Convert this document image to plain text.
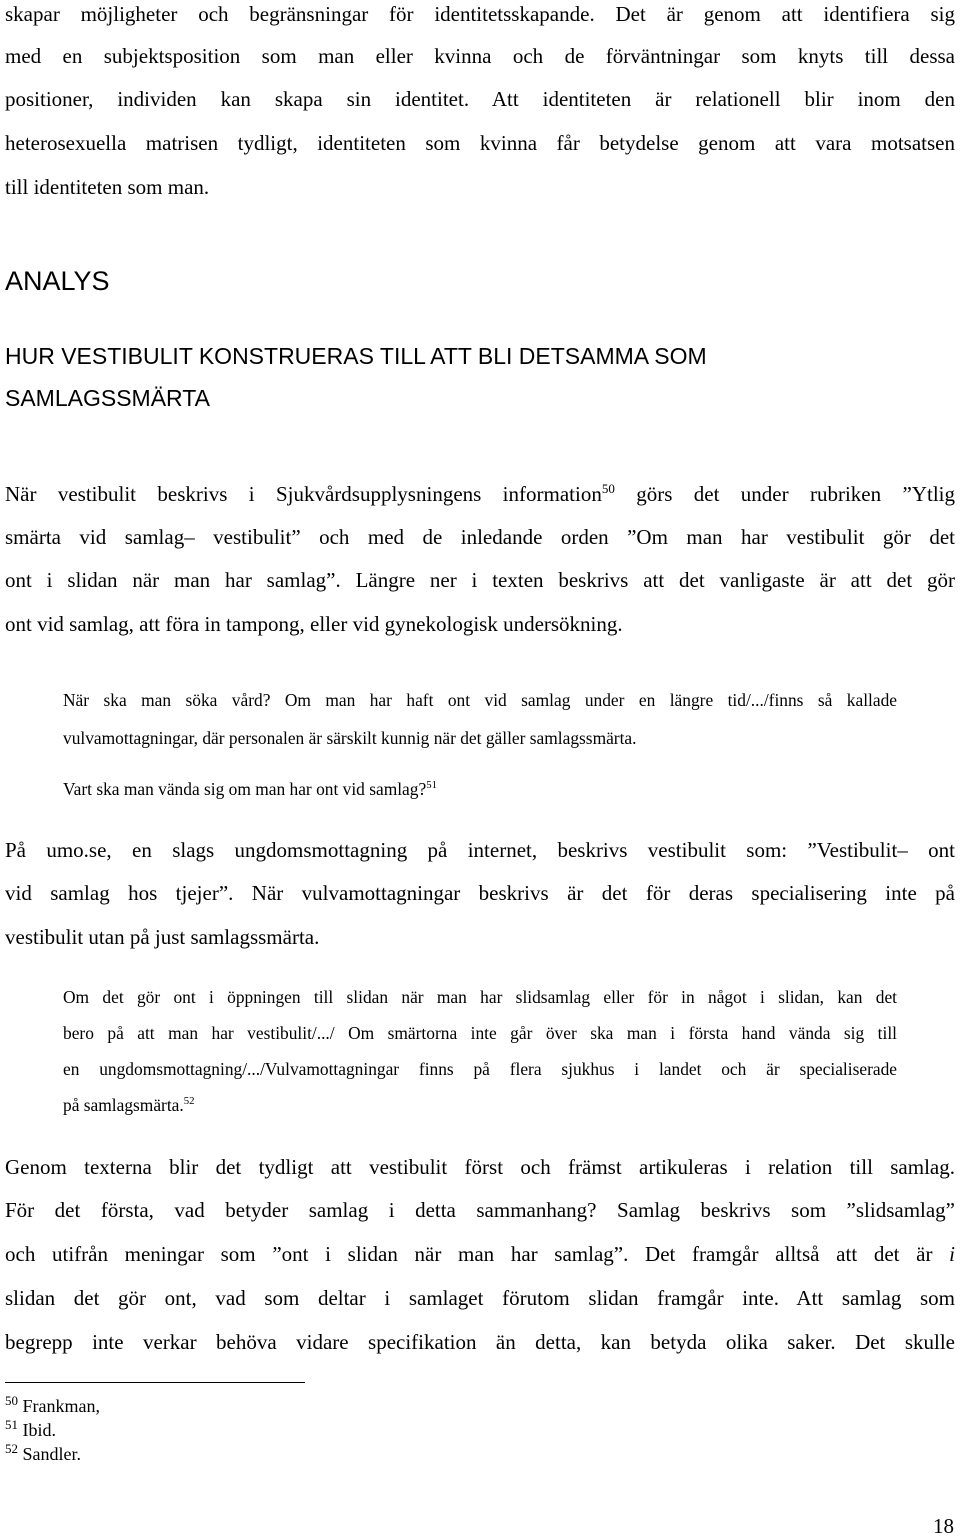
skapar möjligheter och begränsningar för identitetsskapande. Det är genom att identifiera sig
med en subjektsposition som man eller kvinna och de förväntningar som knyts till dessa
positioner, individen kan skapa sin identitet. Att identiteten är relationell blir inom den
heterosexuella matrisen tydligt, identiteten som kvinna får betydelse genom att vara motsatsen
till identiteten som man.
ANALYS
HUR VESTIBULIT KONSTRUERAS TILL ATT BLI DETSAMMA SOM
SAMLAGSSMÄRTA
När vestibulit beskrivs i Sjukvårdsupplysningens information$^{50}$ görs det under rubriken ”Ytlig
smärta vid samlag– vestibulit” och med de inledande orden ”Om man har vestibulit gör det
ont i slidan när man har samlag”. Längre ner i texten beskrivs att det vanligaste är att det gör
ont vid samlag, att föra in tampong, eller vid gynekologisk undersökning.
När ska man söka vård? Om man har haft ont vid samlag under en längre tid/.../finns så kallade
vulvamottagningar, där personalen är särskilt kunnig när det gäller samlagssmärta.
Vart ska man vända sig om man har ont vid samlag?$^{51}$
På umo.se, en slags ungdomsmottagning på internet, beskrivs vestibulit som: ”Vestibulit– ont
vid samlag hos tjejer”. När vulvamottagningar beskrivs är det för deras specialisering inte på
vestibulit utan på just samlagssmärta.
Om det gör ont i öppningen till slidan när man har slidsamlag eller för in något i slidan, kan det
bero på att man har vestibulit/.../ Om smärtorna inte går över ska man i första hand vända sig till
en ungdomsmottagning/.../Vulvamottagningar finns på flera sjukhus i landet och är specialiserade
på samlagsmärta.$^{52}$
Genom texterna blir det tydligt att vestibulit först och främst artikuleras i relation till samlag.
För det första, vad betyder samlag i detta sammanhang? Samlag beskrivs som ”slidsamlag”
och utifrån meningar som ”ont i slidan när man har samlag”. Det framgår alltså att det är i
slidan det gör ont, vad som deltar i samlaget förutom slidan framgår inte. Att samlag som
begrepp inte verkar behöva vidare specifikation än detta, kan betyda olika saker. Det skulle
$^{50}$ Frankman,
$^{51}$ Ibid.
$^{52}$ Sandler.
18
